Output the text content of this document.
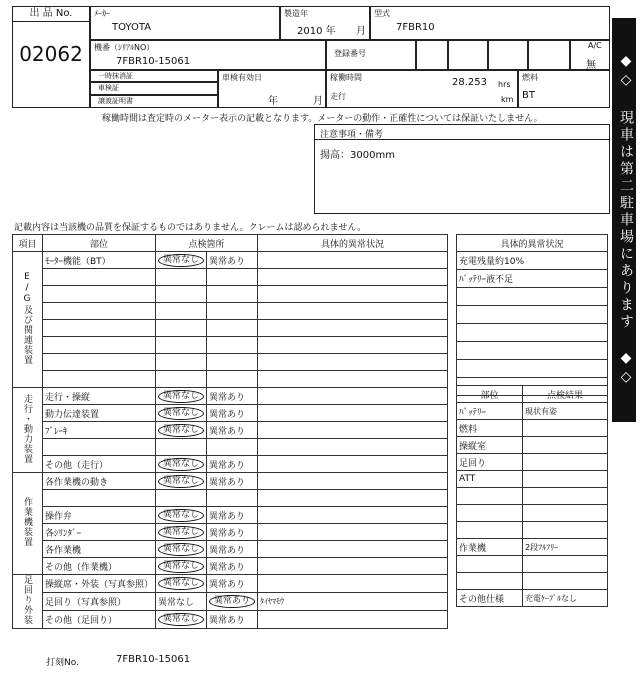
出 品 No.
02062
ﾒｰｶｰ
TOYOTA
製造年
2010 年 月
型式
7FBR10
機番（ｼﾘｱﾙNO）
7FBR10-15061
登録番号
A/C
無
一時抹消証
車検証
譲渡証明書
車検有効日
年	月
稼働時間	28.253 hrs
走行	km
燃料
BT
稼働時間は査定時のメーター表示の記載となります。メーターの動作・正確性については保証いたしません。
注意事項・備考
揚高：3000mm
記載内容は当該機の品質を保証するものではありません。クレームは認められません。	◆◇ 現車は第二駐車場にあります ◆◇
項目	部位	点検箇所		具体的異常状況
E/G及び関連装置	ﾓｰﾀｰ機能（BT）	異常なし	異常あり	

走行・動力装置	走行・操縦	異常なし	異常あり	
	動力伝達装置	異常なし	異常あり	
	ﾌﾞﾚｰｷ	異常なし	異常あり	

	その他（走行）	異常なし	異常あり	
作業機装置	各作業機の動き	異常なし	異常あり	

	操作弁	異常なし	異常あり	
	各ｼﾘﾝﾀﾞｰ	異常なし	異常あり	
	各作業機	異常なし	異常あり	
	その他（作業機）	異常なし	異常あり	
足回り外装	操縦席・外装（写真参照）	異常なし	異常あり	
	足回り（写真参照）	異常なし	異常あり	ﾀｲﾔﾏﾓｳ
	その他（足回り）	異常なし	異常あり	
具体的異常状況
充電残量約10%
ﾊﾞｯﾃﾘｰ液不足

部位	点検結果
ﾊﾞｯﾃﾘｰ	現状有姿
燃料	
操縦室	
足回り	
ATT	

作業機	2段ﾌﾙﾌﾘｰ

その他仕様	充電ｹｰﾌﾞﾙなし
打刻No.	7FBR10-15061
